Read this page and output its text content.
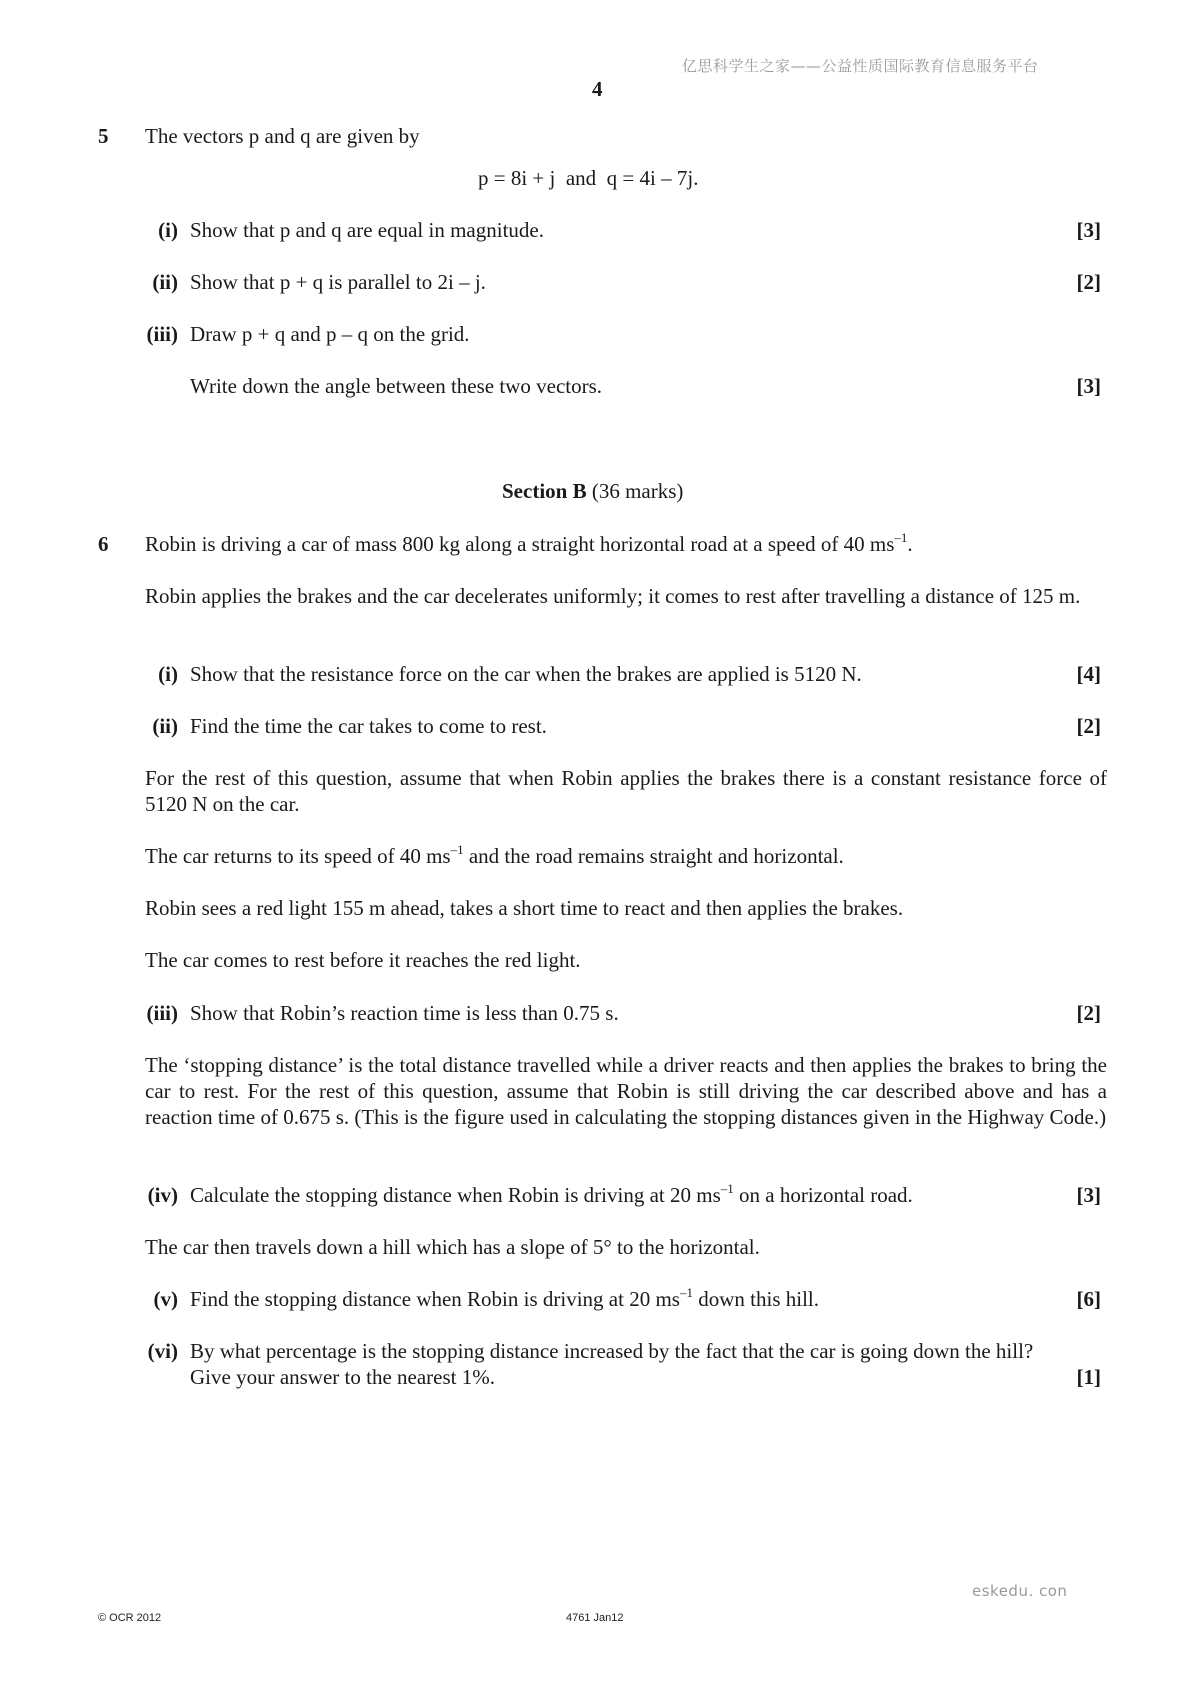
亿思科学生之家——公益性质国际教育信息服务平台
4
5 The vectors p and q are given by
p = 8i + j  and  q = 4i – 7j.
(i) Show that p and q are equal in magnitude.	[3]
(ii) Show that p + q is parallel to 2i – j.	[2]
(iii) Draw p + q and p – q on the grid.
Write down the angle between these two vectors.	[3]
Section B (36 marks)
6 Robin is driving a car of mass 800 kg along a straight horizontal road at a speed of 40 $ms^{-1}$.
Robin applies the brakes and the car decelerates uniformly; it comes to rest after travelling a distance of 125 m.
(i) Show that the resistance force on the car when the brakes are applied is 5120 N.	[4]
(ii) Find the time the car takes to come to rest.	[2]
For the rest of this question, assume that when Robin applies the brakes there is a constant resistance force of 5120 N on the car.
The car returns to its speed of 40 $ms^{-1}$ and the road remains straight and horizontal.
Robin sees a red light 155 m ahead, takes a short time to react and then applies the brakes.
The car comes to rest before it reaches the red light.
(iii) Show that Robin’s reaction time is less than 0.75 s.	[2]
The ‘stopping distance’ is the total distance travelled while a driver reacts and then applies the brakes to bring the car to rest. For the rest of this question, assume that Robin is still driving the car described above and has a reaction time of 0.675 s. (This is the figure used in calculating the stopping distances given in the Highway Code.)
(iv) Calculate the stopping distance when Robin is driving at 20 $ms^{-1}$ on a horizontal road.	[3]
The car then travels down a hill which has a slope of 5° to the horizontal.
(v) Find the stopping distance when Robin is driving at 20 $ms^{-1}$ down this hill.	[6]
(vi) By what percentage is the stopping distance increased by the fact that the car is going down the hill?
Give your answer to the nearest 1%.	[1]
eskedu. con
© OCR 2012	4761 Jan12
